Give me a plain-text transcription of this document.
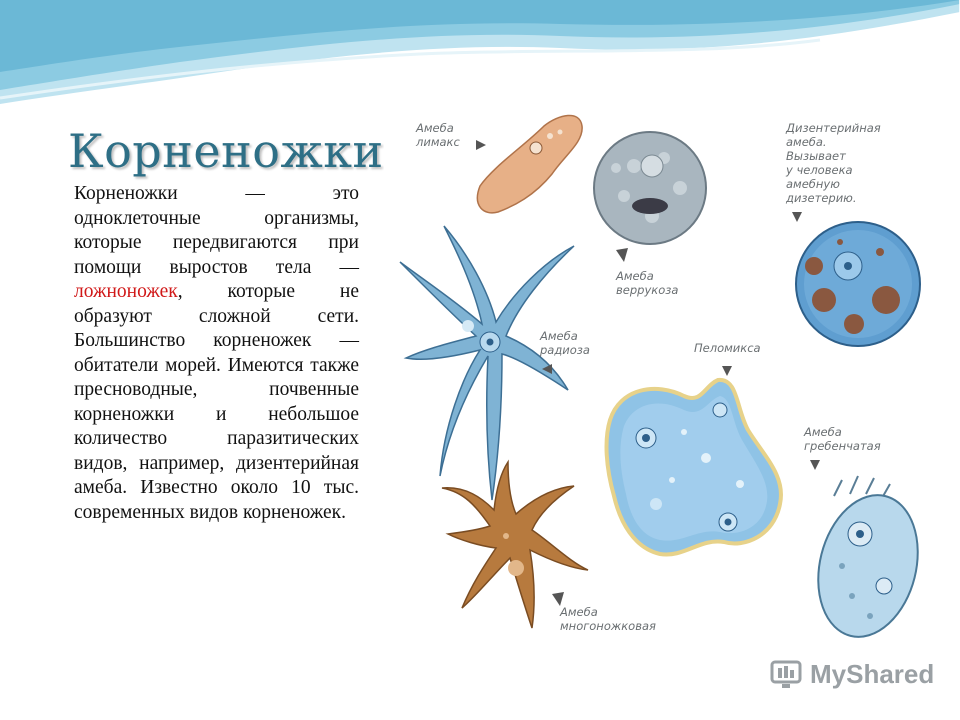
Корненожки

Корненожки — это одноклеточные организмы, которые передвигаются при помощи выростов тела — ложноножек, которые не образуют сложной сети. Большинство корненожек — обитатели морей. Имеются также пресноводные, почвенные корненожки и небольшое количество паразитических видов, например, дизентерийная амеба. Известно около 10 тыс. современных видов корненожек.

Амеба
лимакс
Амеба
веррукоза
Дизентерийная
амеба.
Вызывает
у человека
амебную
дизетерию.
Амеба
радиоза	Пеломикса
Амеба
гребенчатая
Амеба
многоножковая
MyShared
